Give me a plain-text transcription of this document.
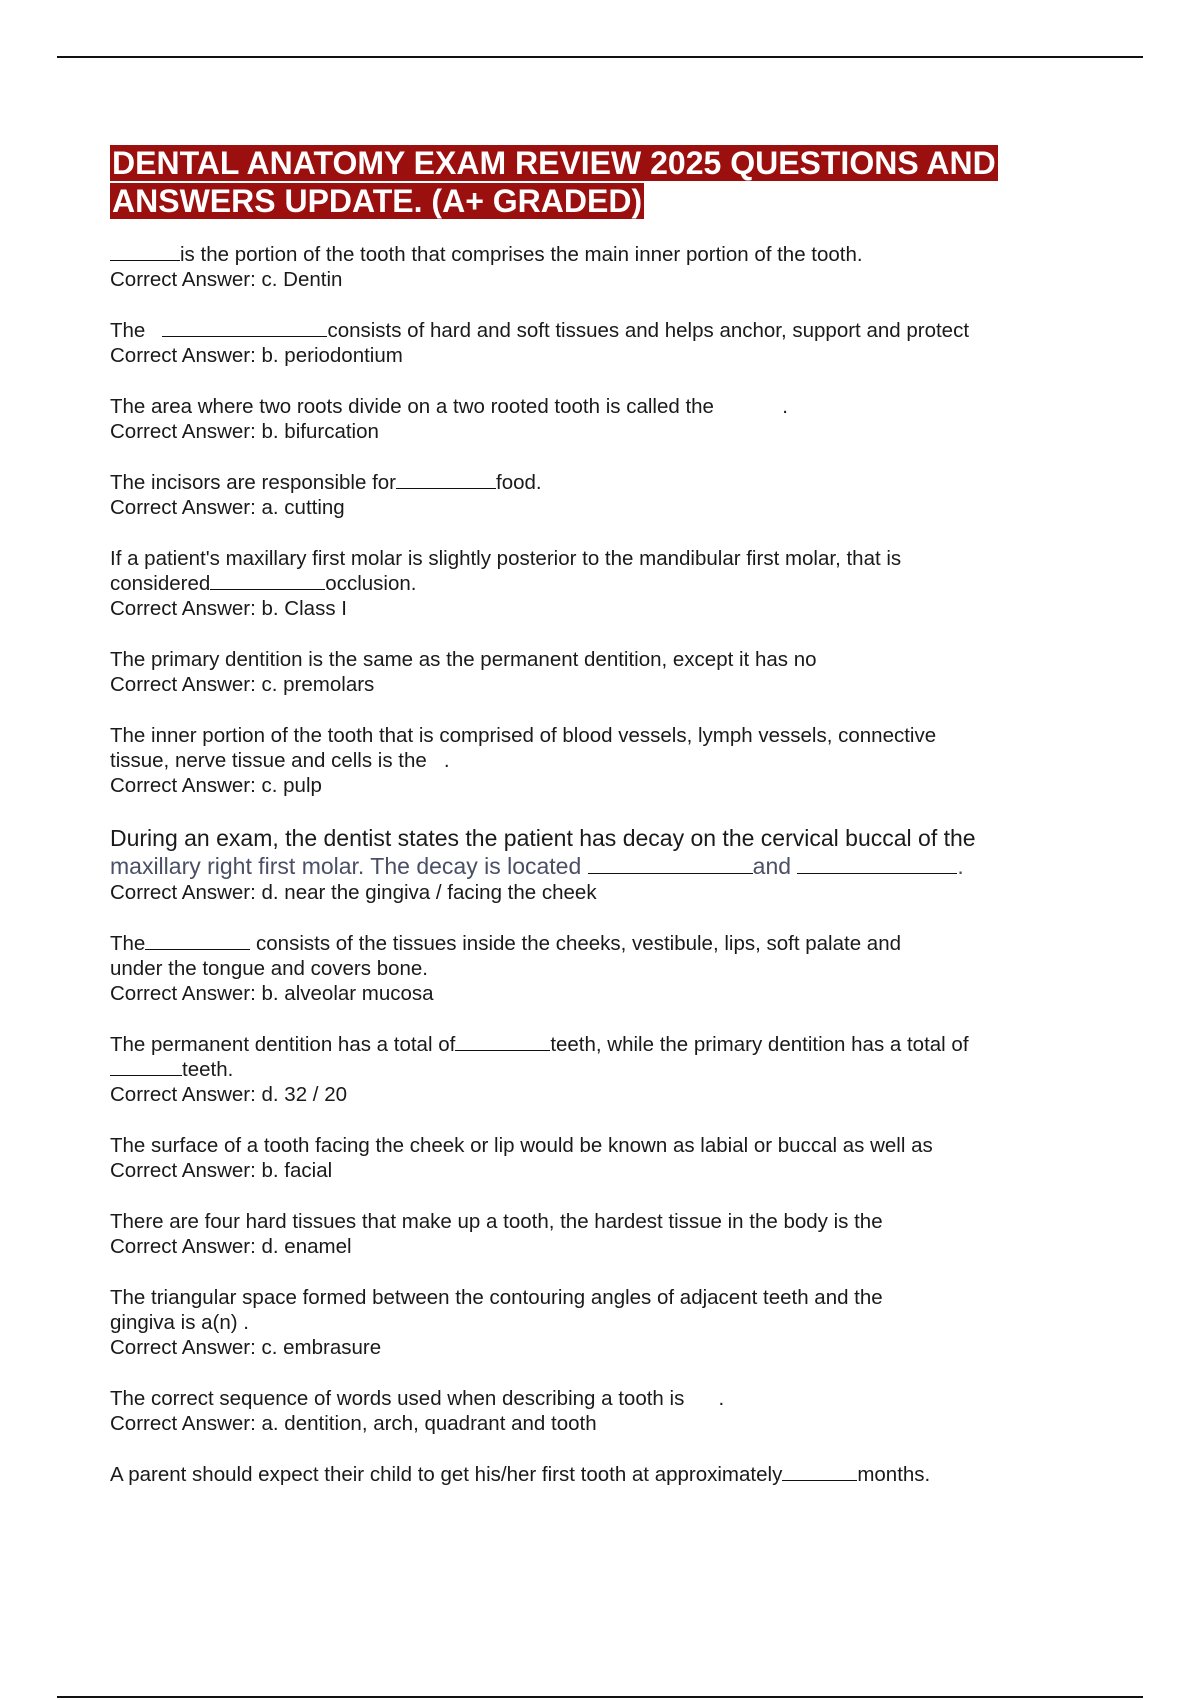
DENTAL ANATOMY EXAM REVIEW 2025 QUESTIONS AND ANSWERS UPDATE. (A+ GRADED)

is the portion of the tooth that comprises the main inner portion of the tooth.

Correct Answer: c. Dentin

The	consists of hard and soft tissues and helps anchor, support and protect

Correct Answer: b. periodontium

The area where two roots divide on a two rooted tooth is called the            .

Correct Answer: b. bifurcation

The incisors are responsible for	food.

Correct Answer: a. cutting

If a patient's maxillary first molar is slightly posterior to the mandibular first molar, that is

considered	occlusion.

Correct Answer: b. Class I

The primary dentition is the same as the permanent dentition, except it has no

Correct Answer: c. premolars

The inner portion of the tooth that is comprised of blood vessels, lymph vessels, connective

tissue, nerve tissue and cells is the   .

Correct Answer: c. pulp

During an exam, the dentist states the patient has decay on the cervical buccal of the

maxillary right first molar. The decay is located	and	.

Correct Answer: d. near the gingiva / facing the cheek

The	consists of the tissues inside the cheeks, vestibule, lips, soft palate and

under the tongue and covers bone.

Correct Answer: b. alveolar mucosa

The permanent dentition has a total of	teeth, while the primary dentition has a total of

teeth.

Correct Answer: d. 32 / 20

The surface of a tooth facing the cheek or lip would be known as labial or buccal as well as

Correct Answer: b. facial

There are four hard tissues that make up a tooth, the hardest tissue in the body is the

Correct Answer: d. enamel

The triangular space formed between the contouring angles of adjacent teeth and the

gingiva is a(n) .

Correct Answer: c. embrasure

The correct sequence of words used when describing a tooth is      .

Correct Answer: a. dentition, arch, quadrant and tooth

A parent should expect their child to get his/her first tooth at approximately	months.
